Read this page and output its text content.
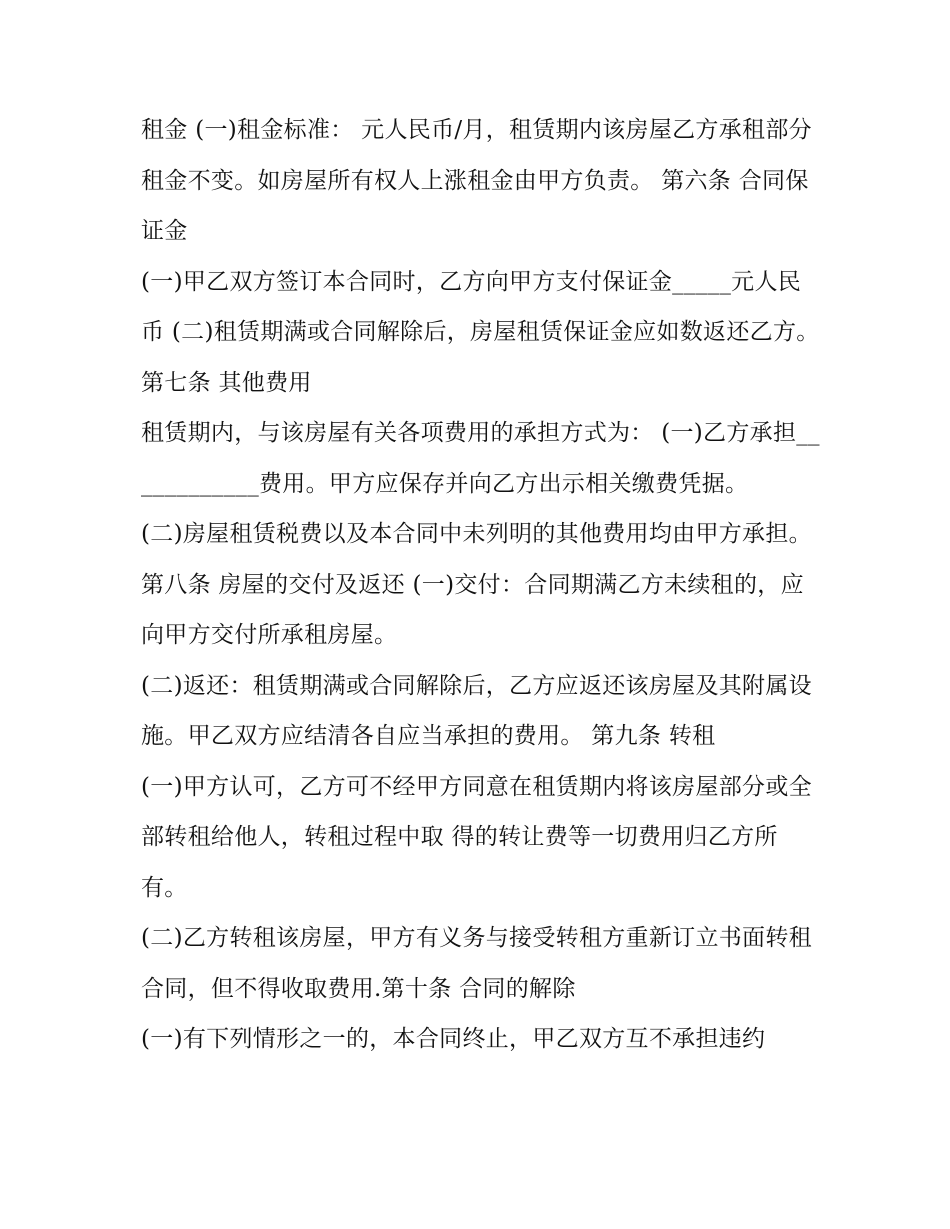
租金 (一)租金标准： 元人民币/月，租赁期内该房屋乙方承租部分租金不变。如房屋所有权人上涨租金由甲方负责。 第六条 合同保证金

(一)甲乙双方签订本合同时，乙方向甲方支付保证金_____元人民币 (二)租赁期满或合同解除后，房屋租赁保证金应如数返还乙方。 第七条 其他费用

租赁期内，与该房屋有关各项费用的承担方式为： (一)乙方承担____________费用。甲方应保存并向乙方出示相关缴费凭据。

(二)房屋租赁税费以及本合同中未列明的其他费用均由甲方承担。 第八条 房屋的交付及返还 (一)交付：合同期满乙方未续租的，应向甲方交付所承租房屋。

(二)返还：租赁期满或合同解除后，乙方应返还该房屋及其附属设施。甲乙双方应结清各自应当承担的费用。 第九条 转租

(一)甲方认可，乙方可不经甲方同意在租赁期内将该房屋部分或全部转租给他人，转租过程中取 得的转让费等一切费用归乙方所有。

(二)乙方转租该房屋，甲方有义务与接受转租方重新订立书面转租合同，但不得收取费用.第十条 合同的解除

(一)有下列情形之一的，本合同终止，甲乙双方互不承担违约
